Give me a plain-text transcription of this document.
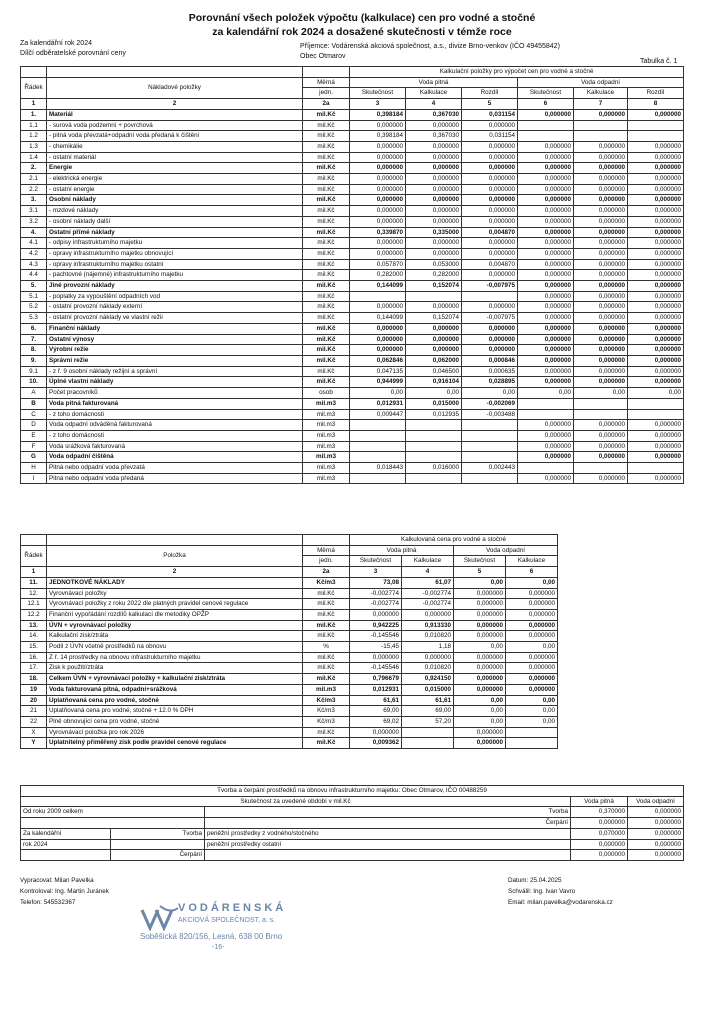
Porovnání všech položek výpočtu (kalkulace) cen pro vodné a stočné
za kalendářní rok 2024 a dosažené skutečnosti v témže roce
Za kalendářní rok 2024
Dílčí odběratelské porovnání ceny
Příjemce: Vodárenská akciová společnost, a.s., divize Brno-venkov (IČO 49455842)
Obec Otmarov
Tabulka č. 1
			Kalkulační položky pro výpočet cen pro vodné a stočné					
Řádek	Nákladové položky	Měrná	Voda pitná			Voda odpadní		
		jedn.	Skutečnost	Kalkulace	Rozdíl	Skutečnost	Kalkulace	Rozdíl
1	2	2a	3	4	5	6	7	8
1.	Materiál	mil.Kč	0,398184	0,367030	0,031154	0,000000	0,000000	0,000000
1.1	- surová voda podzemní + povrchová	mil.Kč	0,000000	0,000000	0,000000			
1.2	- pitná voda převzatá+odpadní voda předaná k čištění	mil.Kč	0,398184	0,367030	0,031154			
1.3	- chemikálie	mil.Kč	0,000000	0,000000	0,000000	0,000000	0,000000	0,000000
1.4	- ostatní materiál	mil.Kč	0,000000	0,000000	0,000000	0,000000	0,000000	0,000000
2.	Energie	mil.Kč	0,000000	0,000000	0,000000	0,000000	0,000000	0,000000
2.1	- elektrická energie	mil.Kč	0,000000	0,000000	0,000000	0,000000	0,000000	0,000000
2.2	- ostatní energie	mil.Kč	0,000000	0,000000	0,000000	0,000000	0,000000	0,000000
3.	Osobní náklady	mil.Kč	0,000000	0,000000	0,000000	0,000000	0,000000	0,000000
3.1	- mzdové náklady	mil.Kč	0,000000	0,000000	0,000000	0,000000	0,000000	0,000000
3.2	- osobní náklady další	mil.Kč	0,000000	0,000000	0,000000	0,000000	0,000000	0,000000
4.	Ostatní přímé náklady	mil.Kč	0,339870	0,335000	0,004870	0,000000	0,000000	0,000000
4.1	- odpisy infrastrukturního majetku	mil.Kč	0,000000	0,000000	0,000000	0,000000	0,000000	0,000000
4.2	- opravy infrastrukturního majetku obnovující	mil.Kč	0,000000	0,000000	0,000000	0,000000	0,000000	0,000000
4.3	- opravy infrastrukturního majetku ostatní	mil.Kč	0,057870	0,053000	0,004870	0,000000	0,000000	0,000000
4.4	- pachtovné (nájemné) infrastrukturního majetku	mil.Kč	0,282000	0,282000	0,000000	0,000000	0,000000	0,000000
5.	Jiné provozní náklady	mil.Kč	0,144099	0,152074	-0,007975	0,000000	0,000000	0,000000
5.1	- poplatky za vypouštění odpadních vod	mil.Kč				0,000000	0,000000	0,000000
5.2	- ostatní provozní náklady externí	mil.Kč	0,000000	0,000000	0,000000	0,000000	0,000000	0,000000
5.3	- ostatní provozní náklady ve vlastní režii	mil.Kč	0,144099	0,152074	-0,007975	0,000000	0,000000	0,000000
6.	Finanční náklady	mil.Kč	0,000000	0,000000	0,000000	0,000000	0,000000	0,000000
7.	Ostatní výnosy	mil.Kč	0,000000	0,000000	0,000000	0,000000	0,000000	0,000000
8.	Výrobní režie	mil.Kč	0,000000	0,000000	0,000000	0,000000	0,000000	0,000000
9.	Správní režie	mil.Kč	0,062846	0,062000	0,000846	0,000000	0,000000	0,000000
9.1	- z ř. 9 osobní náklady režijní a správní	mil.Kč	0,047135	0,046500	0,000635	0,000000	0,000000	0,000000
10.	Úplné vlastní náklady	mil.Kč	0,944999	0,916104	0,028895	0,000000	0,000000	0,000000
A	Počet pracovníků	osob	0,00	0,00	0,00	0,00	0,00	0,00
B	Voda pitná fakturovaná	mil.m3	0,012931	0,015000	-0,002069			
C	- z toho domácnosti	mil.m3	0,009447	0,012935	-0,003488			
D	Voda odpadní odváděná fakturovaná	mil.m3				0,000000	0,000000	0,000000
E	- z toho domácnosti	mil.m3				0,000000	0,000000	0,000000
F	Voda srážková fakturovaná	mil.m3				0,000000	0,000000	0,000000
G	Voda odpadní čištěná	mil.m3				0,000000	0,000000	0,000000
H	Pitná nebo odpadní voda převzatá	mil.m3	0,018443	0,016000	0,002443			
I	Pitná nebo odpadní voda předaná	mil.m3				0,000000	0,000000	0,000000
			Kalkulovaná cena pro vodné a stočné			
Řádek	Položka	Měrná	Voda pitná		Voda odpadní	
		jedn.	Skutečnost	Kalkulace	Skutečnost	Kalkulace
1	2	2a	3	4	5	6
11.	JEDNOTKOVÉ NÁKLADY	Kč/m3	73,08	61,07	0,00	0,00
12.	Vyrovnávací položky	mil.Kč	-0,002774	-0,002774	0,000000	0,000000
12.1	Vyrovnávací položky z roku 2022 dle platných pravidel cenové regulace	mil.Kč	-0,002774	-0,002774	0,000000	0,000000
12.2	Finanční vypořádání rozdílů kalkulací dle metodiky OPŽP	mil.Kč	0,000000	0,000000	0,000000	0,000000
13.	ÚVN + vyrovnávací položky	mil.Kč	0,942225	0,913330	0,000000	0,000000
14.	Kalkulační zisk/ztráta	mil.Kč	-0,145546	0,010820	0,000000	0,000000
15.	Podíl z ÚVN včetně prostředků na obnovu	%	-15,45	1,18	0,00	0,00
16.	Z ř. 14 prostředky na obnovu infrastrukturního majetku	mil.Kč	0,000000	0,000000	0,000000	0,000000
17.	Zisk k použití/ztráta	mil.Kč	-0,145546	0,010820	0,000000	0,000000
18.	Celkem ÚVN + vyrovnávací položky + kalkulační zisk/ztráta	mil.Kč	0,796679	0,924150	0,000000	0,000000
19	Voda fakturovaná pitná, odpadní+srážková	mil.m3	0,012931	0,015000	0,000000	0,000000
20	Uplatňovaná cena pro vodné, stočné	Kč/m3	61,61	61,61	0,00	0,00
21	Uplatňovaná cena pro vodné, stočné + 12.0 % DPH	Kč/m3	69,00	69,00	0,00	0,00
22	Plně obnovující cena pro vodné, stočné	Kč/m3	69,02	57,20	0,00	0,00
X	Vyrovnávací položka pro rok 2026	mil.Kč	0,000000		0,000000	
Y	Uplatnitelný přiměřený zisk podle pravidel cenové regulace	mil.Kč	0,009362		0,000000	
Tvorba a čerpání prostředků na obnovu infrastrukturního majetku: Obec Otmarov, IČO 00488259				
Skutečnost za uvedené období v mil.Kč			Voda pitná	Voda odpadní
Od roku 2009 celkem		Tvorba	0,370000	0,000000
		Čerpání	0,000000	0,000000
Za kalendářní	Tvorba	peněžní prostředky z vodného/stočného	0,070000	0,000000
rok 2024		peněžní prostředky ostatní	0,000000	0,000000
	Čerpání		0,000000	0,000000
Vypracoval: Milan Pavelka
Kontroloval: Ing. Martin Juránek
Telefon: 545532367
Datum: 25.04.2025
Schválil: Ing. Ivan Vavro
Email: milan.pavelka@vodarenska.cz
VODÁRENSKÁ
AKCIOVÁ SPOLEČNOST, a. s.
Soběšická 820/156, Lesná, 638 00 Brno
-16-
